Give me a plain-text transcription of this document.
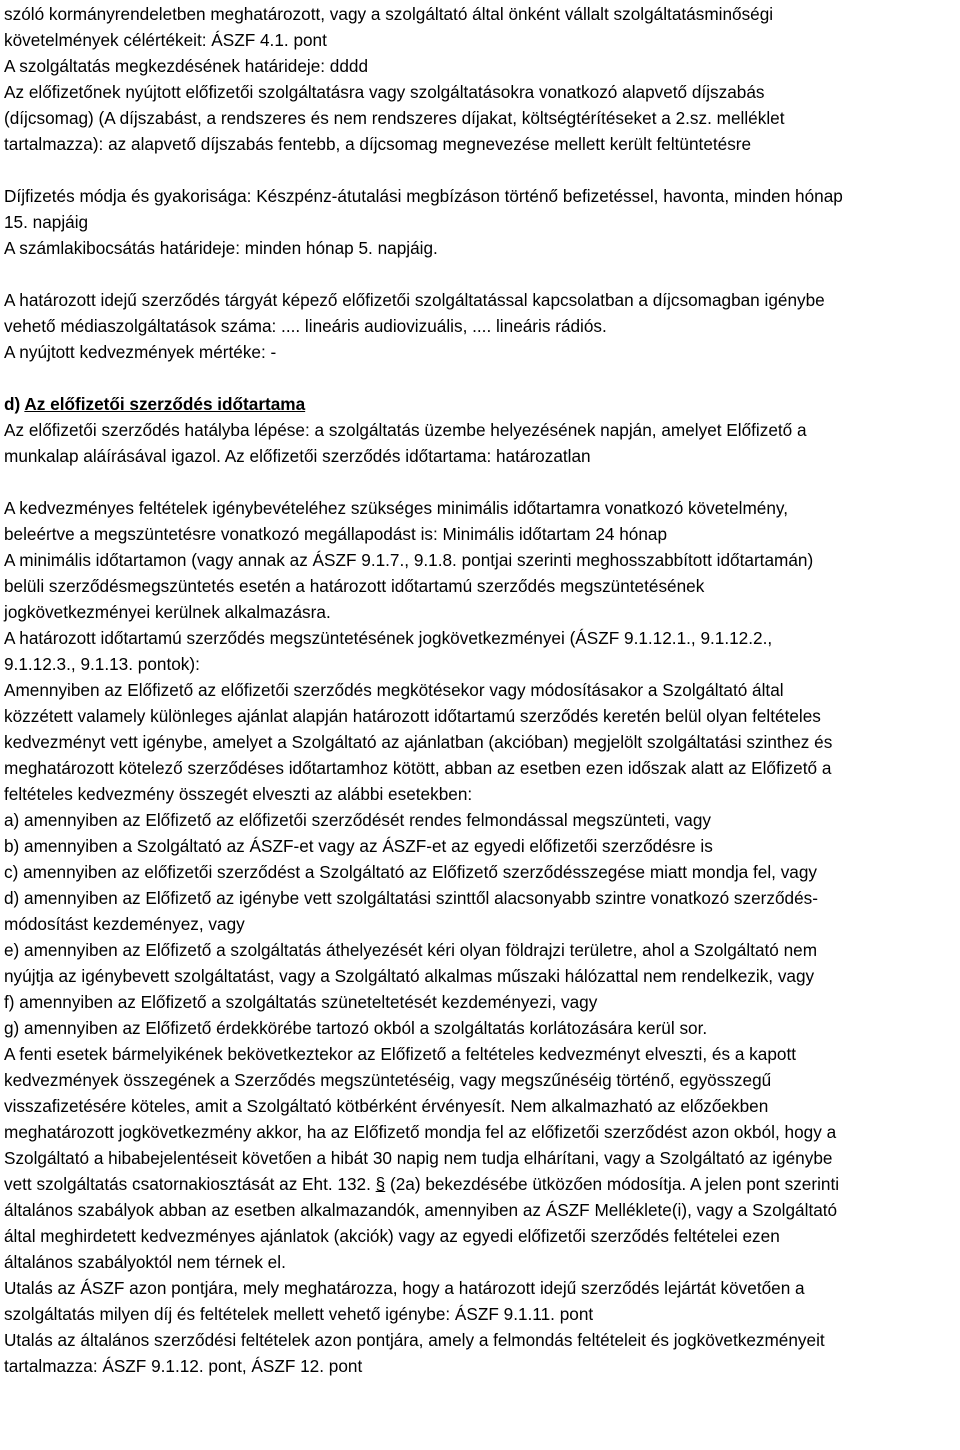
szóló kormányrendeletben meghatározott, vagy a szolgáltató által önként vállalt szolgáltatásminőségi
követelmények célértékeit: ÁSZF 4.1. pont
A szolgáltatás megkezdésének határideje: dddd
Az előfizetőnek nyújtott előfizetői szolgáltatásra vagy szolgáltatásokra vonatkozó alapvető díjszabás
(díjcsomag) (A díjszabást, a rendszeres és nem rendszeres díjakat, költségtérítéseket a 2.sz. melléklet
tartalmazza): az alapvető díjszabás fentebb, a díjcsomag megnevezése mellett került feltüntetésre
Díjfizetés módja és gyakorisága: Készpénz-átutalási megbízáson történő befizetéssel, havonta, minden hónap
15. napjáig
A számlakibocsátás határideje: minden hónap 5. napjáig.
A határozott idejű szerződés tárgyát képező előfizetői szolgáltatással kapcsolatban a díjcsomagban igénybe
vehető médiaszolgáltatások száma: .... lineáris audiovizuális, .... lineáris rádiós.
A nyújtott kedvezmények mértéke: -
d) Az előfizetői szerződés időtartama
Az előfizetői szerződés hatályba lépése: a szolgáltatás üzembe helyezésének napján, amelyet Előfizető a
munkalap aláírásával igazol. Az előfizetői szerződés időtartama: határozatlan
A kedvezményes feltételek igénybevételéhez szükséges minimális időtartamra vonatkozó követelmény,
beleértve a megszüntetésre vonatkozó megállapodást is: Minimális időtartam 24 hónap
A minimális időtartamon (vagy annak az ÁSZF 9.1.7., 9.1.8. pontjai szerinti meghosszabbított időtartamán)
belüli szerződésmegszüntetés esetén a határozott időtartamú szerződés megszüntetésének
jogkövetkezményei kerülnek alkalmazásra.
A határozott időtartamú szerződés megszüntetésének jogkövetkezményei (ÁSZF 9.1.12.1., 9.1.12.2.,
9.1.12.3., 9.1.13. pontok):
Amennyiben az Előfizető az előfizetői szerződés megkötésekor vagy módosításakor a Szolgáltató által
közzétett valamely különleges ajánlat alapján határozott időtartamú szerződés keretén belül olyan feltételes
kedvezményt vett igénybe, amelyet a Szolgáltató az ajánlatban (akcióban) megjelölt szolgáltatási szinthez és
meghatározott kötelező szerződéses időtartamhoz kötött, abban az esetben ezen időszak alatt az Előfizető a
feltételes kedvezmény összegét elveszti az alábbi esetekben:
a) amennyiben az Előfizető az előfizetői szerződését rendes felmondással megszünteti, vagy
b) amennyiben a Szolgáltató az ÁSZF-et vagy az ÁSZF-et az egyedi előfizetői szerződésre is
c) amennyiben az előfizetői szerződést a Szolgáltató az Előfizető szerződésszegése miatt mondja fel, vagy
d) amennyiben az Előfizető az igénybe vett szolgáltatási szinttől alacsonyabb szintre vonatkozó szerződés-
módosítást kezdeményez, vagy
e) amennyiben az Előfizető a szolgáltatás áthelyezését kéri olyan földrajzi területre, ahol a Szolgáltató nem
nyújtja az igénybevett szolgáltatást, vagy a Szolgáltató alkalmas műszaki hálózattal nem rendelkezik, vagy
f) amennyiben az Előfizető a szolgáltatás szüneteltetését kezdeményezi, vagy
g) amennyiben az Előfizető érdekkörébe tartozó okból a szolgáltatás korlátozására kerül sor.
A fenti esetek bármelyikének bekövetkeztekor az Előfizető a feltételes kedvezményt elveszti, és a kapott
kedvezmények összegének a Szerződés megszüntetéséig, vagy megszűnéséig történő, egyösszegű
visszafizetésére köteles, amit a Szolgáltató kötbérként érvényesít. Nem alkalmazható az előzőekben
meghatározott jogkövetkezmény akkor, ha az Előfizető mondja fel az előfizetői szerződést azon okból, hogy a
Szolgáltató a hibabejelentéseit követően a hibát 30 napig nem tudja elhárítani, vagy a Szolgáltató az igénybe
vett szolgáltatás csatornakiosztását az Eht. 132. § (2a) bekezdésébe ütközően módosítja. A jelen pont szerinti
általános szabályok abban az esetben alkalmazandók, amennyiben az ÁSZF Melléklete(i), vagy a Szolgáltató
által meghirdetett kedvezményes ajánlatok (akciók) vagy az egyedi előfizetői szerződés feltételei ezen
általános szabályoktól nem térnek el.
Utalás az ÁSZF azon pontjára, mely meghatározza, hogy a határozott idejű szerződés lejártát követően a
szolgáltatás milyen díj és feltételek mellett vehető igénybe: ÁSZF 9.1.11. pont
Utalás az általános szerződési feltételek azon pontjára, amely a felmondás feltételeit és jogkövetkezményeit
tartalmazza: ÁSZF 9.1.12. pont, ÁSZF 12. pont
